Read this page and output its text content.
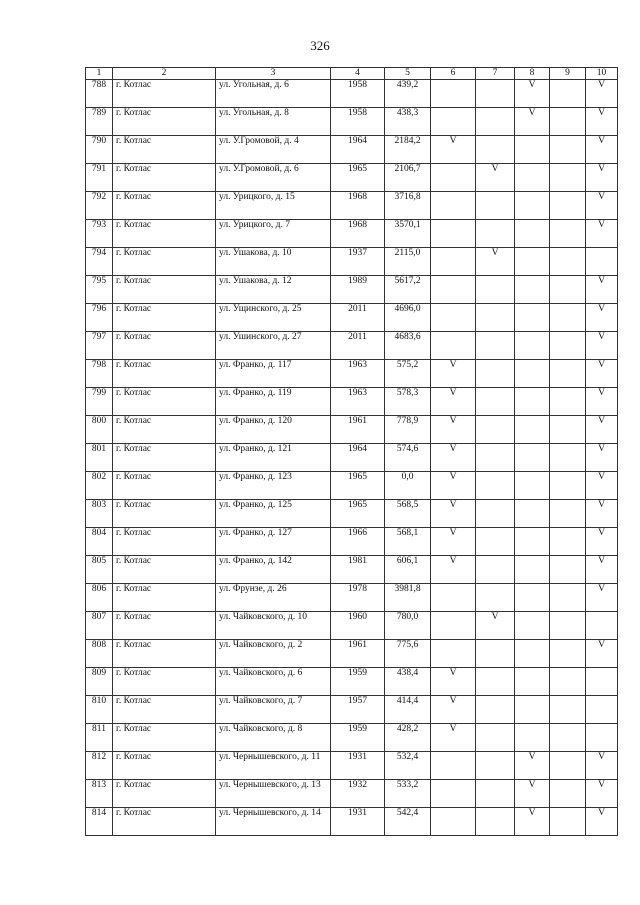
326
1	2	3	4	5	6	7	8	9	10
788	г. Котлас	ул. Угольная, д. 6	1958	439,2			V		V
789	г. Котлас	ул. Угольная, д. 8	1958	438,3			V		V
790	г. Котлас	ул. У.Громовой, д. 4	1964	2184,2	V				V
791	г. Котлас	ул. У.Громовой, д. 6	1965	2106,7		V			V
792	г. Котлас	ул. Урицкого, д. 15	1968	3716,8					V
793	г. Котлас	ул. Урицкого, д. 7	1968	3570,1					V
794	г. Котлас	ул. Ушакова, д. 10	1937	2115,0		V			
795	г. Котлас	ул. Ушакова, д. 12	1989	5617,2					V
796	г. Котлас	ул. Ущинского, д. 25	2011	4696,0					V
797	г. Котлас	ул. Ушинского, д. 27	2011	4683,6					V
798	г. Котлас	ул. Франко, д. 117	1963	575,2	V				V
799	г. Котлас	ул. Франко, д. 119	1963	578,3	V				V
800	г. Котлас	ул. Франко, д. 120	1961	778,9	V				V
801	г. Котлас	ул. Франко, д. 121	1964	574,6	V				V
802	г. Котлас	ул. Франко, д. 123	1965	0,0	V				V
803	г. Котлас	ул. Франко, д. 125	1965	568,5	V				V
804	г. Котлас	ул. Франко, д. 127	1966	568,1	V				V
805	г. Котлас	ул. Франко, д. 142	1981	606,1	V				V
806	г. Котлас	ул. Фрунзе, д. 26	1978	3981,8					V
807	г. Котлас	ул. Чайковского, д. 10	1960	780,0		V			
808	г. Котлас	ул. Чайковского, д. 2	1961	775,6					V
809	г. Котлас	ул. Чайковского, д. 6	1959	438,4	V				
810	г. Котлас	ул. Чайковского, д. 7	1957	414,4	V				
811	г. Котлас	ул. Чайковского, д. 8	1959	428,2	V				
812	г. Котлас	ул. Чернышевского, д. 11	1931	532,4			V		V
813	г. Котлас	ул. Чернышевского, д. 13	1932	533,2			V		V
814	г. Котлас	ул. Чернышевского, д. 14	1931	542,4			V		V
